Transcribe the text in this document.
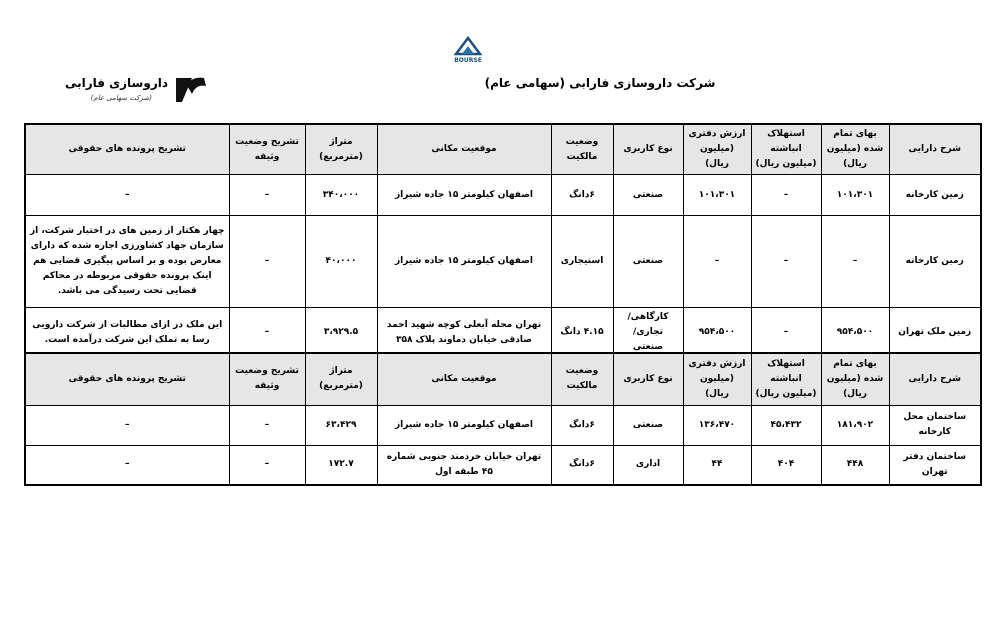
BOURSE
شرکت داروسازی فارابی (سهامی عام)
داروسازی فارابی
(شرکت سهامی عام)
شرح دارایی	بهای تمام شده (میلیون ریال)	استهلاک انباشته (میلیون ریال)	ارزش دفتری (میلیون ریال)	نوع کاربری	وضعیت مالکیت	موقعیت مکانی	متراژ (مترمربع)	تشریح وضعیت وثیقه	تشریح پرونده های حقوقی
زمین کارخانه	۱۰۱،۳۰۱	–	۱۰۱،۳۰۱	صنعتی	۶دانگ	اصفهان کیلومتر ۱۵ جاده شیراز	۳۴۰،۰۰۰	–	–
زمین کارخانه	–	–	–	صنعتی	استیجاری	اصفهان کیلومتر ۱۵ جاده شیراز	۴۰،۰۰۰	–	چهار هکتار از زمین های در اختیار شرکت، از سازمان جهاد کشاورزی اجاره شده که دارای معارض بوده و بر اساس پیگیری قضایی هم اینک پرونده حقوقی مربوطه در محاکم قضایی تحت رسیدگی می باشد.
زمین ملک تهران	۹۵۴،۵۰۰	–	۹۵۴،۵۰۰	کارگاهی/تجاری/ صنعتی	۴.۱۵ دانگ	تهران محله آبعلی کوچه شهید احمد صادقی خیابان دماوند پلاک ۳۵۸	۳،۹۲۹.۵	–	این ملک در ازای مطالبات از شرکت دارویی رسا به تملک این شرکت درآمده است.
شرح دارایی	بهای تمام شده (میلیون ریال)	استهلاک انباشته (میلیون ریال)	ارزش دفتری (میلیون ریال)	نوع کاربری	وضعیت مالکیت	موقعیت مکانی	متراژ (مترمربع)	تشریح وضعیت وثیقه	تشریح پرونده های حقوقی
ساختمان محل کارخانه	۱۸۱،۹۰۲	۴۵،۴۳۲	۱۳۶،۴۷۰	صنعتی	۶دانگ	اصفهان کیلومتر ۱۵ جاده شیراز	۶۳،۴۲۹	–	–
ساختمان دفتر تهران	۴۴۸	۴۰۴	۴۴	اداری	۶دانگ	تهران خیابان خردمند جنوبی شماره ۴۵ طبقه اول	۱۷۲.۷	–	–
